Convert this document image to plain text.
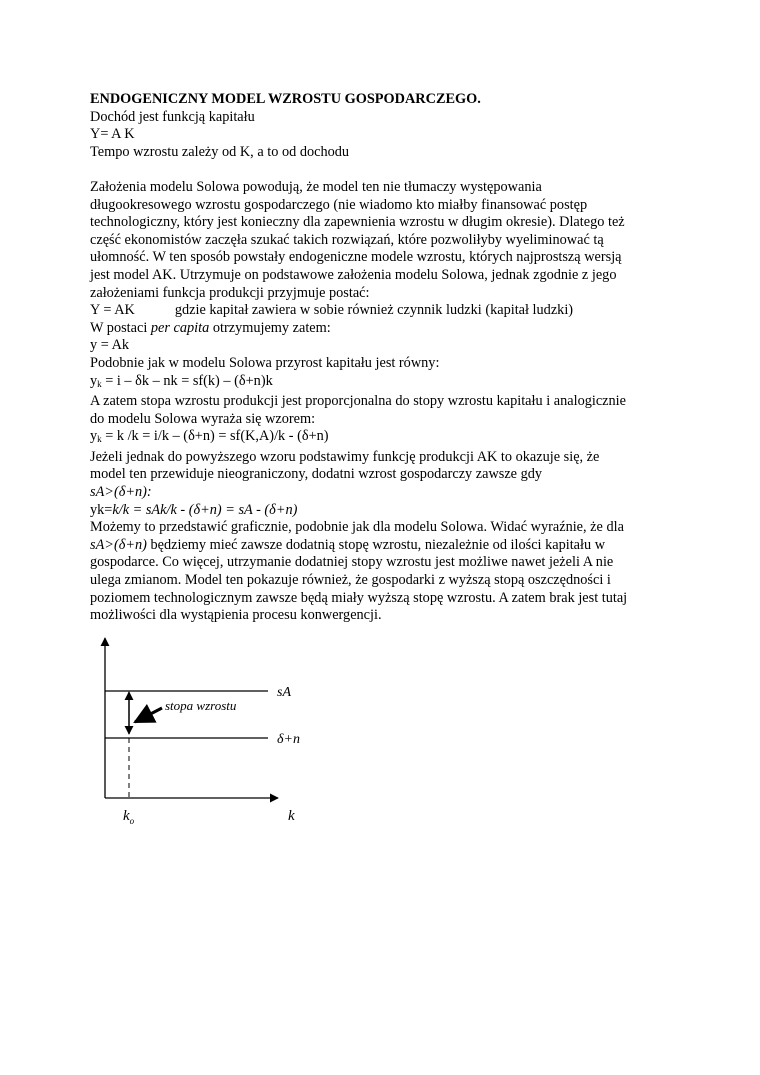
ENDOGENICZNY MODEL WZROSTU GOSPODARCZEGO.
Dochód jest funkcją kapitału
Y= A K
Tempo wzrostu zależy od K, a to od dochodu
Założenia modelu Solowa powodują, że model ten nie tłumaczy występowania
długookresowego wzrostu gospodarczego (nie wiadomo kto miałby finansować postęp
technologiczny, który jest konieczny dla zapewnienia wzrostu w długim okresie). Dlatego też
część ekonomistów zaczęła szukać takich rozwiązań, które pozwoliłyby wyeliminować tą
ułomność. W ten sposób powstały endogeniczne modele wzrostu, których najprostszą wersją
jest model AK. Utrzymuje on podstawowe założenia modelu Solowa, jednak zgodnie z jego
założeniami funkcja produkcji przyjmuje postać:
Y = AK	gdzie kapitał zawiera w sobie również czynnik ludzki (kapitał ludzki)
W postaci per capita otrzymujemy zatem:
y = Ak
Podobnie jak w modelu Solowa przyrost kapitału jest równy:
$y_k = i - \delta k$ – nk = sf(k) – (δ+n)k
A zatem stopa wzrostu produkcji jest proporcjonalna do stopy wzrostu kapitału i analogicznie
do modelu Solowa wyraża się wzorem:
$y_k = k$ /k = i/k – (δ+n) = sf(K,A)/k - (δ+n)
Jeżeli jednak do powyższego wzoru podstawimy funkcję produkcji AK to okazuje się, że
model ten przewiduje nieograniczony, dodatni wzrost gospodarczy zawsze gdy
sA>(δ+n):
yk=k/k = sAk/k - (δ+n) = sA - (δ+n)
Możemy to przedstawić graficznie, podobnie jak dla modelu Solowa. Widać wyraźnie, że dla
sA>(δ+n) będziemy mieć zawsze dodatnią stopę wzrostu, niezależnie od ilości kapitału w
gospodarce. Co więcej, utrzymanie dodatniej stopy wzrostu jest możliwe nawet jeżeli A nie
ulega zmianom. Model ten pokazuje również, że gospodarki z wyższą stopą oszczędności i
poziomem technologicznym zawsze będą miały wyższą stopę wzrostu. A zatem brak jest tutaj
możliwości dla wystąpienia procesu konwergencji.
stopa wzrostu
sA
δ+n
k
$k_o$
